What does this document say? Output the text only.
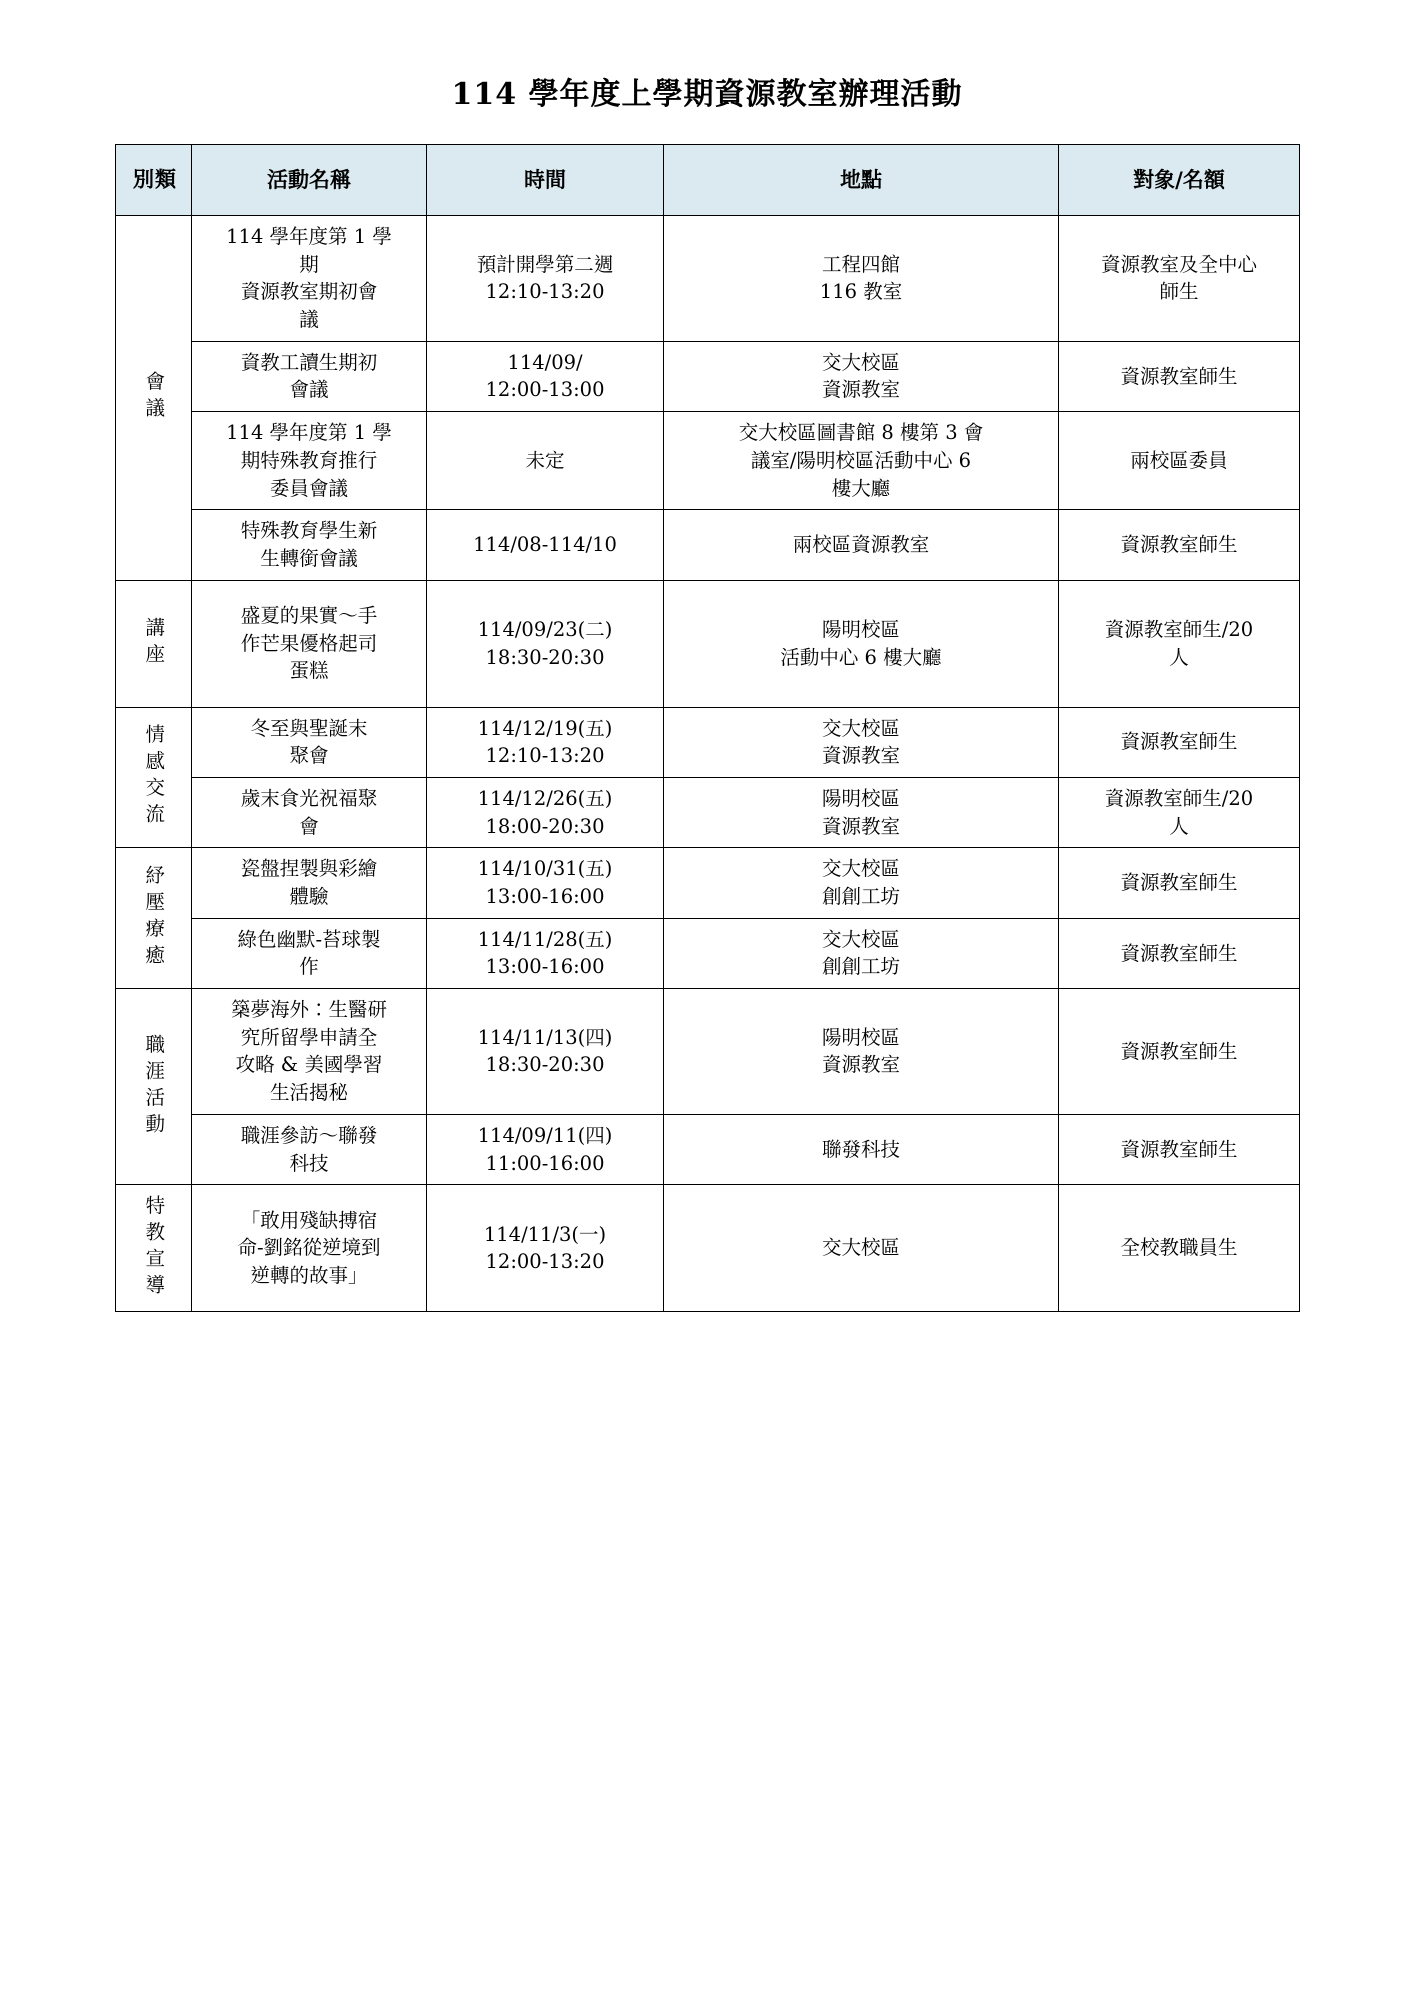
114 學年度上學期資源教室辦理活動
類別	活動名稱	時間	地點	對象/名額

會議	114 學年度第 1 學
期
資源教室期初會
議	預計開學第二週
12:10-13:20	工程四館
116 教室	資源教室及全中心
師生

	資教工讀生期初
會議	114/09/
12:00-13:00	交大校區
資源教室	資源教室師生

	114 學年度第 1 學
期特殊教育推行
委員會議	未定	交大校區圖書館 8 樓第 3 會
議室/陽明校區活動中心 6
樓大廳	兩校區委員

	特殊教育學生新
生轉銜會議	114/08-114/10	兩校區資源教室	資源教室師生

講座	盛夏的果實～手
作芒果優格起司
蛋糕	114/09/23(二)
18:30-20:30	陽明校區
活動中心 6 樓大廳	資源教室師生/20
人

情感交流	冬至與聖誕末
聚會	114/12/19(五)
12:10-13:20	交大校區
資源教室	資源教室師生

	歲末食光祝福聚
會	114/12/26(五)
18:00-20:30	陽明校區
資源教室	資源教室師生/20
人

紓壓療癒	瓷盤捏製與彩繪
體驗	114/10/31(五)
13:00-16:00	交大校區
創創工坊	資源教室師生

	綠色幽默-苔球製
作	114/11/28(五)
13:00-16:00	交大校區
創創工坊	資源教室師生

職涯活動	築夢海外：生醫研
究所留學申請全
攻略 & 美國學習
生活揭秘	114/11/13(四)
18:30-20:30	陽明校區
資源教室	資源教室師生

	職涯參訪～聯發
科技	114/09/11(四)
11:00-16:00	聯發科技	資源教室師生

特教宣導	「敢用殘缺搏宿
命-劉銘從逆境到
逆轉的故事」	114/11/3(一)
12:00-13:20	交大校區	全校教職員生
